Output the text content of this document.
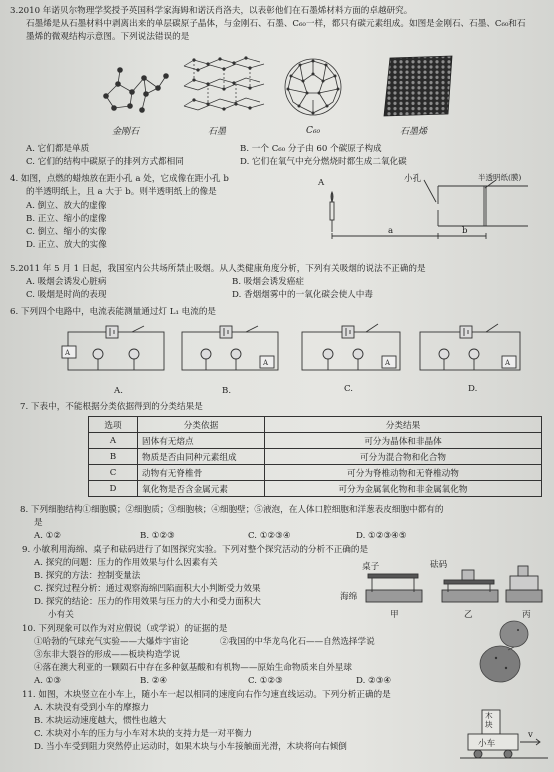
3.2010 年诺贝尔物理学奖授予英国科学家海姆和诺沃肖洛夫，以表彰他们在石墨烯材料方面的卓越研究。
石墨烯是从石墨材料中剥离出来的单层碳原子晶体，与金刚石、石墨、C₆₀一样，都只有碳元素组成。如图是金刚石、石墨、C₆₀和石
墨烯的微观结构示意图。下列说法错误的是
金刚石	石墨	C₆₀	石墨烯
A. 它们都是单质	B. 一个 C₆₀ 分子由 60 个碳原子构成
C. 它们的结构中碳原子的排列方式都相同	D. 它们在氧气中充分燃烧时都生成二氧化碳
4. 如图，点燃的蜡烛放在距小孔 a 处，它成像在距小孔 b
的半透明纸上，且 a 大于 b。则半透明纸上的像是
A. 倒立、放大的虚像
B. 正立、缩小的虚像
C. 倒立、缩小的实像
D. 正立、放大的实像
A	小孔	半透明纸(膜)
a	b
5.2011 年 5 月 1 日起，我国室内公共场所禁止吸烟。从人类健康角度分析，下列有关吸烟的说法不正确的是
A. 吸烟会诱发心脏病	B. 吸烟会诱发癌症
C. 吸烟是时尚的表现	D. 香烟烟雾中的一氧化碳会使人中毒
6. 下列四个电路中，电流表能测量通过灯 L₁ 电流的是
A
A	A	A
A.	B.	C.	D.
7. 下表中，不能根据分类依据得到的分类结果是
选项	分类依据	分类结果
A	固体有无熔点	可分为晶体和非晶体
B	物质是否由同种元素组成	可分为混合物和化合物
C	动物有无脊椎骨	可分为脊椎动物和无脊椎动物
D	氧化物是否含金属元素	可分为金属氧化物和非金属氧化物
8. 下列细胞结构①细胞膜；②细胞质；③细胞核；④细胞壁；⑤液泡，在人体口腔细胞和洋葱表皮细胞中都有的
是
A. ①②	B. ①②③	C. ①②③④	D. ①②③④⑤
9. 小敏利用海绵、桌子和砝码进行了如图探究实验。下列对整个探究活动的分析不正确的是
A. 探究的问题：压力的作用效果与什么因素有关
B. 探究的方法：控制变量法
C. 探究过程分析：通过观察海绵凹陷面积大小判断受力效果
D. 探究的结论：压力的作用效果与压力的大小和受力面积大
小有关
桌子	砝码
海绵
甲	乙	丙
10. 下列现象可以作为对应假说（或学说）的证据的是
①哈勃的气球充气实验——大爆炸宇宙论	②我国的中华龙鸟化石——自然选择学说
③东非大裂谷的形成——板块构造学说
④落在澳大利亚的一颗陨石中存在多种氨基酸和有机物——原始生命物质来自外星球
A. ①③	B. ②④	C. ①②③	D. ②③④
11. 如图，木块竖立在小车上，随小车一起以相同的速度向右作匀速直线运动。下列分析正确的是
A. 木块没有受到小车的摩擦力
B. 木块运动速度越大，惯性也越大
C. 木块对小车的压力与小车对木块的支持力是一对平衡力
D. 当小车受到阻力突然停止运动时，如果木块与小车接触面光滑，木块将向右倾倒
木块
小车
v
